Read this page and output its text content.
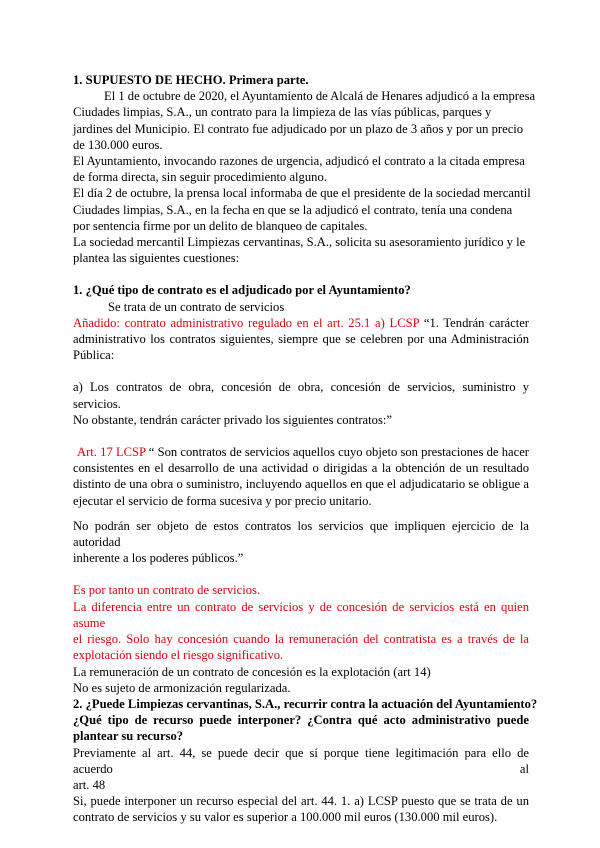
1. SUPUESTO DE HECHO. Primera parte.
El 1 de octubre de 2020, el Ayuntamiento de Alcalá de Henares adjudicó a la empresa
Ciudades limpias, S.A., un contrato para la limpieza de las vías públicas, parques y
jardines del Municipio. El contrato fue adjudicado por un plazo de 3 años y por un precio
de 130.000 euros.
El Ayuntamiento, invocando razones de urgencia, adjudicó el contrato a la citada empresa
de forma directa, sin seguir procedimiento alguno.
El día 2 de octubre, la prensa local informaba de que el presidente de la sociedad mercantil
Ciudades limpias, S.A., en la fecha en que se la adjudicó el contrato, tenía una condena
por sentencia firme por un delito de blanqueo de capitales.
La sociedad mercantil Limpiezas cervantinas, S.A., solicita su asesoramiento jurídico y le
plantea las siguientes cuestiones:
1. ¿Qué tipo de contrato es el adjudicado por el Ayuntamiento?
Se trata de un contrato de servicios
Añadido: contrato administrativo regulado en el art. 25.1 a) LCSP “1. Tendrán carácter
administrativo los contratos siguientes, siempre que se celebren por una Administración
Pública:
a) Los contratos de obra, concesión de obra, concesión de servicios, suministro y servicios.
No obstante, tendrán carácter privado los siguientes contratos:”
Art. 17 LCSP “ Son contratos de servicios aquellos cuyo objeto son prestaciones de hacer
consistentes en el desarrollo de una actividad o dirigidas a la obtención de un resultado
distinto de una obra o suministro, incluyendo aquellos en que el adjudicatario se obligue a
ejecutar el servicio de forma sucesiva y por precio unitario.
No podrán ser objeto de estos contratos los servicios que impliquen ejercicio de la autoridad
inherente a los poderes públicos.”
Es por tanto un contrato de servicios.
La diferencia entre un contrato de servicios y de concesión de servicios está en quien asume
el riesgo. Solo hay concesión cuando la remuneración del contratista es a través de la
explotación siendo el riesgo significativo.
La remuneración de un contrato de concesión es la explotación (art 14)
No es sujeto de armonización regularizada.
2. ¿Puede Limpiezas cervantinas, S.A., recurrir contra la actuación del Ayuntamiento?
¿Qué tipo de recurso puede interponer? ¿Contra qué acto administrativo puede
plantear su recurso?
Previamente al art. 44, se puede decir que sí porque tiene legitimación para ello de acuerdo al
art. 48
Si, puede interponer un recurso especial del art. 44. 1. a) LCSP puesto que se trata de un
contrato de servicios y su valor es superior a 100.000 mil euros (130.000 mil euros).
